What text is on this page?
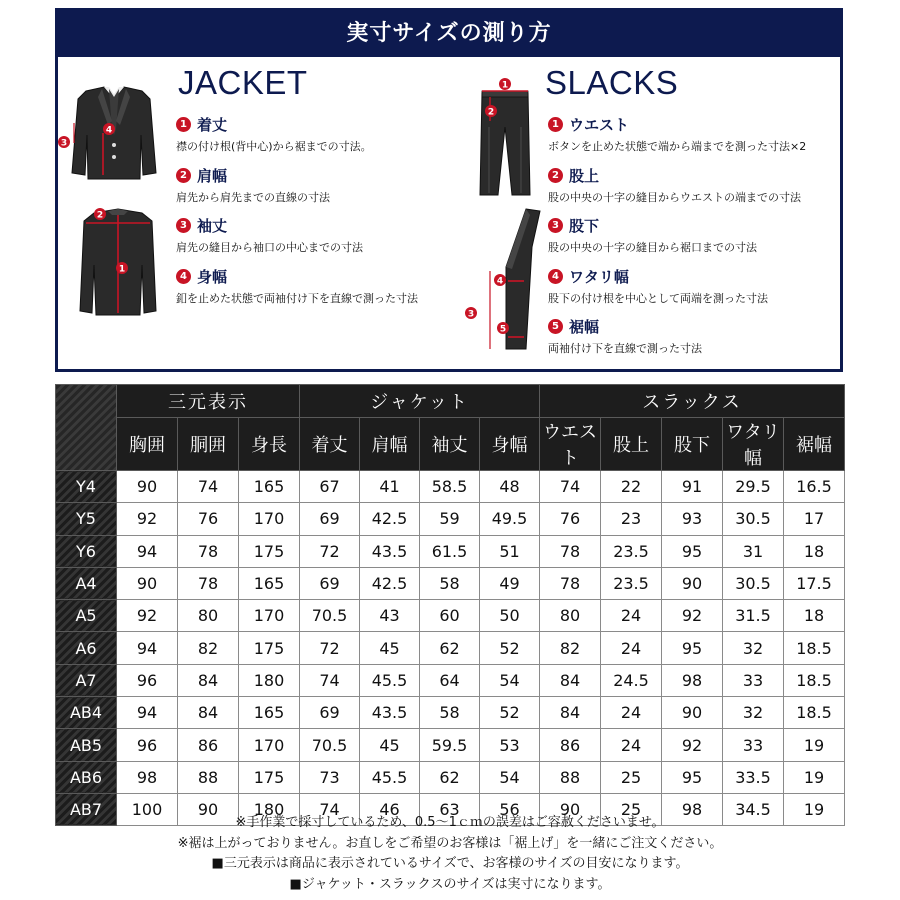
実寸サイズの測り方
4
3
2
1
JACKET
1 着丈
襟の付け根(背中心)から裾までの寸法。
2 肩幅
肩先から肩先までの直線の寸法
3 袖丈
肩先の縫目から袖口の中心までの寸法
4 身幅
釦を止めた状態で両袖付け下を直線で測った寸法
1
2
4
3
5
SLACKS
1 ウエスト
ボタンを止めた状態で端から端までを測った寸法×2
2 股上
股の中央の十字の縫目からウエストの端までの寸法
3 股下
股の中央の十字の縫目から裾口までの寸法
4 ワタリ幅
股下の付け根を中心として両端を測った寸法
5 裾幅
両袖付け下を直線で測った寸法
	三元表示			ジャケット				スラックス				
	胸囲	胴囲	身長	着丈	肩幅	袖丈	身幅	ウエスト	股上	股下	ワタリ幅	裾幅
Y4	90	74	165	67	41	58.5	48	74	22	91	29.5	16.5
Y5	92	76	170	69	42.5	59	49.5	76	23	93	30.5	17
Y6	94	78	175	72	43.5	61.5	51	78	23.5	95	31	18
A4	90	78	165	69	42.5	58	49	78	23.5	90	30.5	17.5
A5	92	80	170	70.5	43	60	50	80	24	92	31.5	18
A6	94	82	175	72	45	62	52	82	24	95	32	18.5
A7	96	84	180	74	45.5	64	54	84	24.5	98	33	18.5
AB4	94	84	165	69	43.5	58	52	84	24	90	32	18.5
AB5	96	86	170	70.5	45	59.5	53	86	24	92	33	19
AB6	98	88	175	73	45.5	62	54	88	25	95	33.5	19
AB7	100	90	180	74	46	63	56	90	25	98	34.5	19
※手作業で採寸しているため、0.5〜1ｃｍの誤差はご容赦くださいませ。
※裾は上がっておりません。お直しをご希望のお客様は「裾上げ」を一緒にご注文ください。
■三元表示は商品に表示されているサイズで、お客様のサイズの目安になります。
■ジャケット・スラックスのサイズは実寸になります。
